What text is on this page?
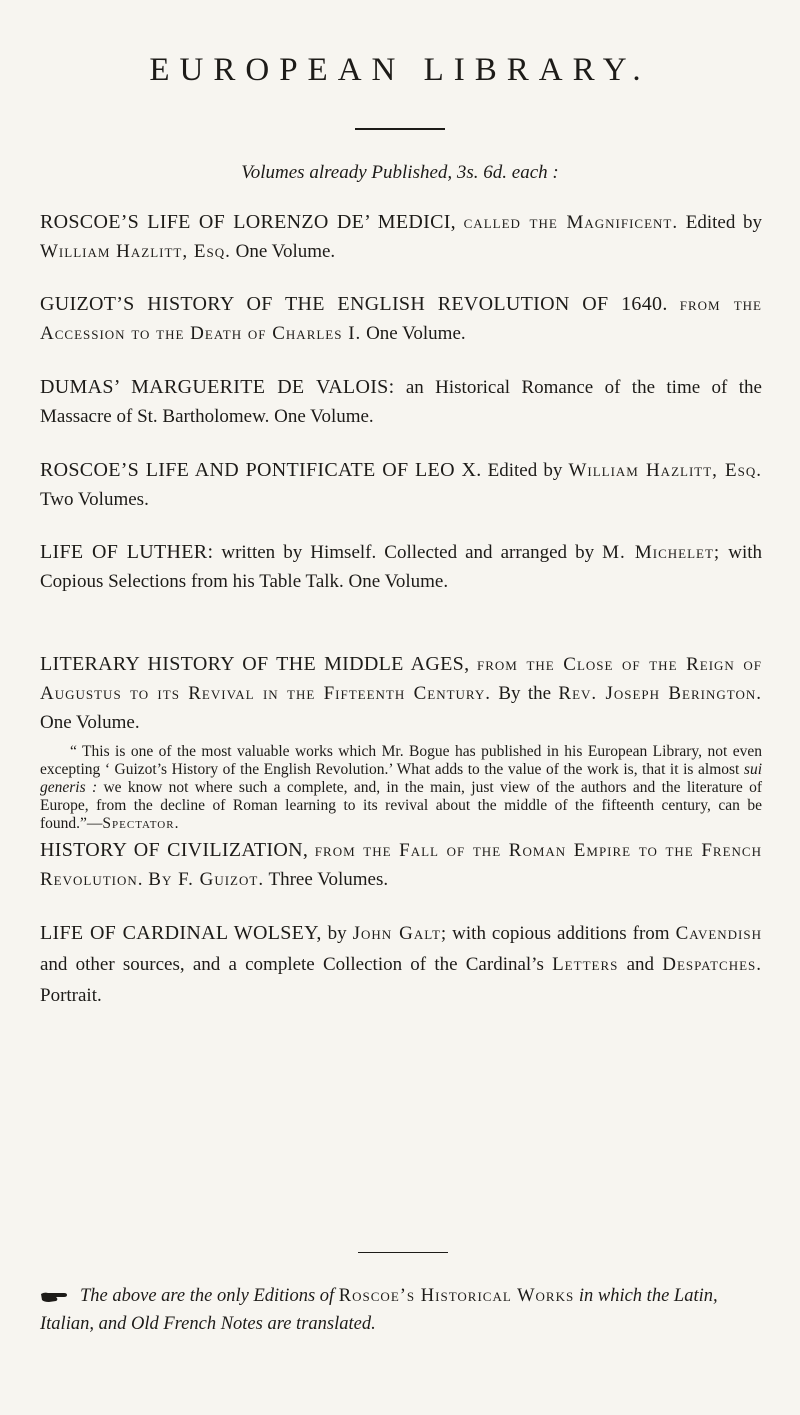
EUROPEAN LIBRARY.
Volumes already Published, 3s. 6d. each :
ROSCOE’S LIFE OF LORENZO DE’ MEDICI, called the Magnificent. Edited by William Hazlitt, Esq. One Volume.
GUIZOT’S HISTORY OF THE ENGLISH REVOLUTION OF 1640. from the Accession to the Death of Charles I. One Volume.
DUMAS’ MARGUERITE DE VALOIS: an Historical Romance of the time of the Massacre of St. Bartholomew. One Volume.
ROSCOE’S LIFE AND PONTIFICATE OF LEO X. Edited by William Hazlitt, Esq. Two Volumes.
LIFE OF LUTHER: written by Himself. Collected and arranged by M. Michelet; with Copious Selections from his Table Talk. One Volume.
LITERARY HISTORY OF THE MIDDLE AGES, from the Close of the Reign of Augustus to its Revival in the Fifteenth Century. By the Rev. Joseph Berington. One Volume.
“ This is one of the most valuable works which Mr. Bogue has published in his European Library, not even excepting ‘ Guizot’s History of the English Revolution.’ What adds to the value of the work is, that it is almost sui generis : we know not where such a complete, and, in the main, just view of the authors and the literature of Europe, from the decline of Roman learning to its revival about the middle of the fifteenth century, can be found.”—Spectator.
HISTORY OF CIVILIZATION, from the Fall of the Roman Empire to the French Revolution. By F. Guizot. Three Volumes.
LIFE OF CARDINAL WOLSEY, by John Galt; with copious additions from Cavendish and other sources, and a complete Collection of the Cardinal’s Letters and Despatches. Portrait.
The above are the only Editions of Roscoe’s Historical Works in which the Latin, Italian, and Old French Notes are translated.
